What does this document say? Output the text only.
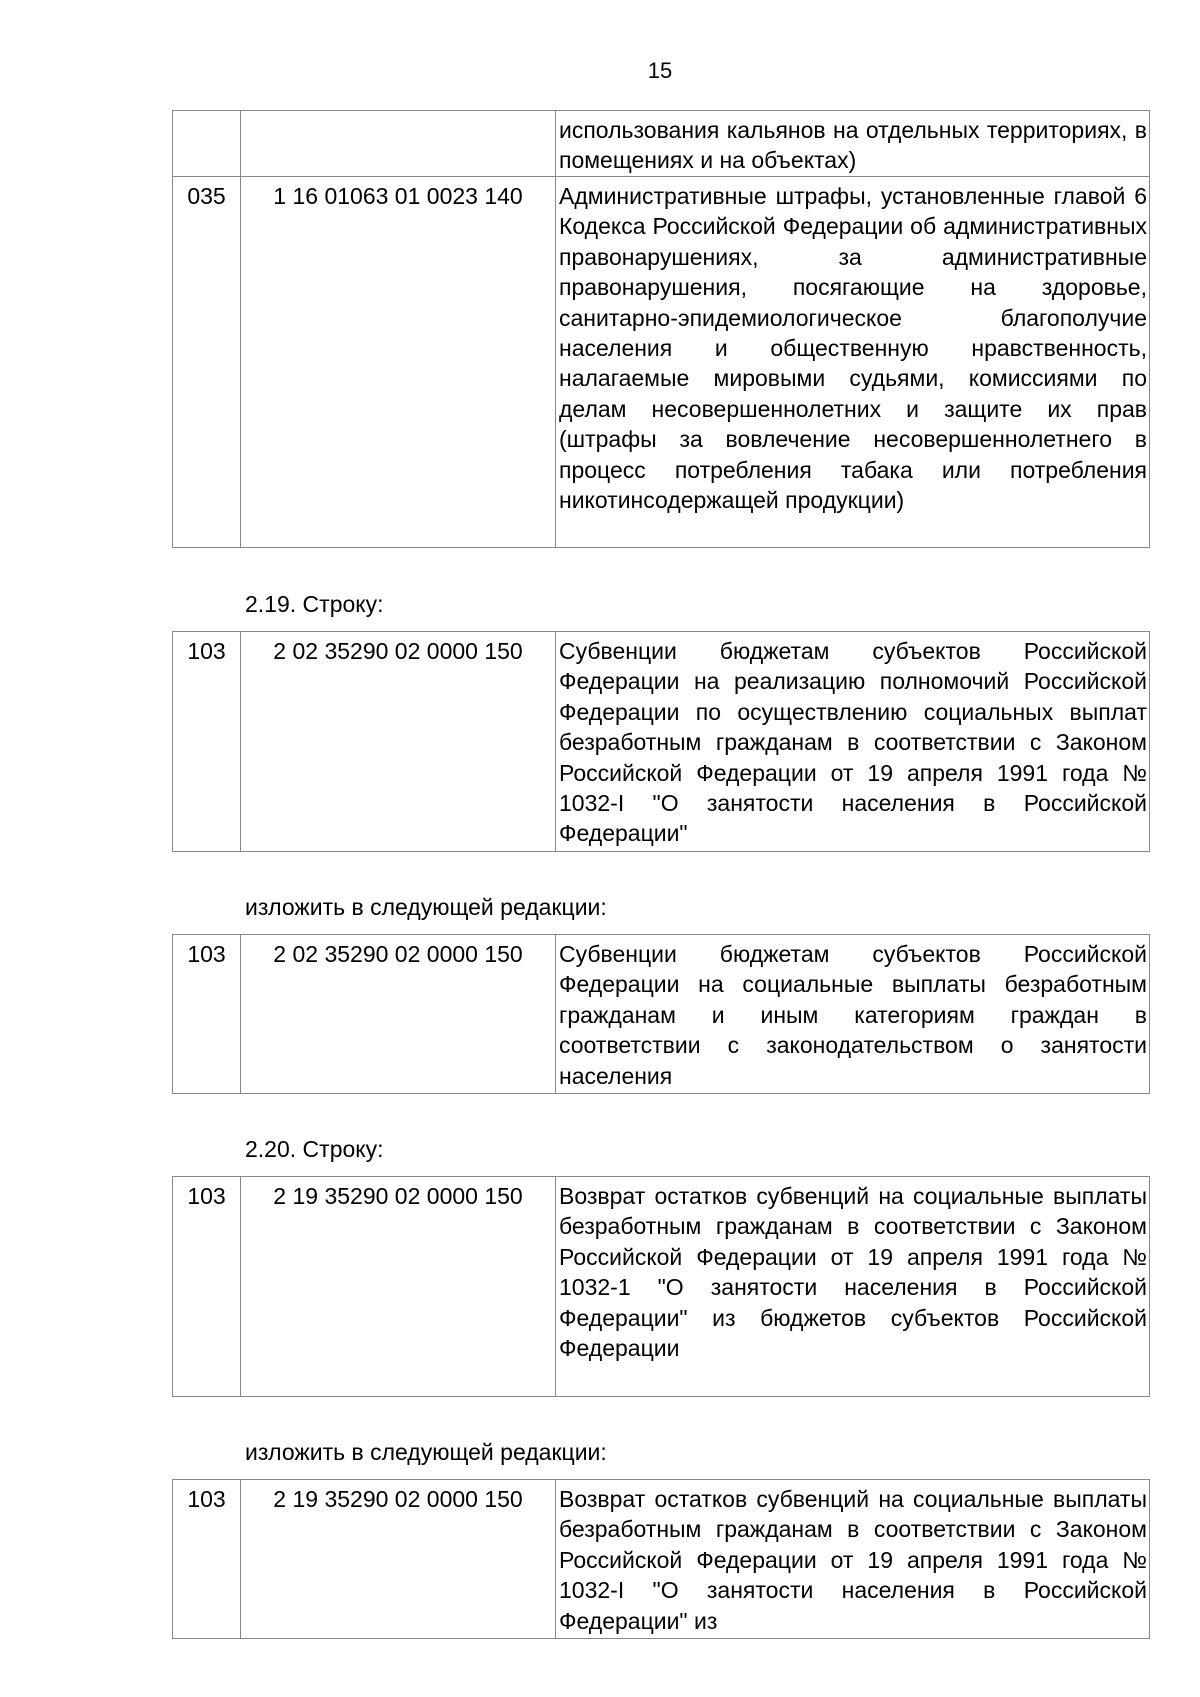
15
		использования кальянов на отдельных территориях, в помещениях и на объектах)
035	1 16 01063 01 0023 140	Административные штрафы, установленные главой 6 Кодекса Российской Федерации об административных правонарушениях, за административные правонарушения, посягающие на здоровье, санитарно-эпидемиологическое благополучие населения и общественную нравственность, налагаемые мировыми судьями, комиссиями по делам несовершеннолетних и защите их прав (штрафы за вовлечение несовершеннолетнего в процесс потребления табака или потребления никотинсодержащей продукции)
2.19. Строку:
103	2 02 35290 02 0000 150	Субвенции бюджетам субъектов Российской Федерации на реализацию полномочий Российской Федерации по осуществлению социальных выплат безработным гражданам в соответствии с Законом Российской Федерации от 19 апреля 1991 года № 1032-I "О занятости населения в Российской Федерации"
изложить в следующей редакции:
103	2 02 35290 02 0000 150	Субвенции бюджетам субъектов Российской Федерации на социальные выплаты безработным гражданам и иным категориям граждан в соответствии с законодательством о занятости населения
2.20. Строку:
103	2 19 35290 02 0000 150	Возврат остатков субвенций на социальные выплаты безработным гражданам в соответствии с Законом Российской Федерации от 19 апреля 1991 года № 1032-1 "О занятости населения в Российской Федерации" из бюджетов субъектов Российской Федерации
изложить в следующей редакции:
103	2 19 35290 02 0000 150	Возврат остатков субвенций на социальные выплаты безработным гражданам в соответствии с Законом Российской Федерации от 19 апреля 1991 года № 1032-I "О занятости населения в Российской Федерации" из
